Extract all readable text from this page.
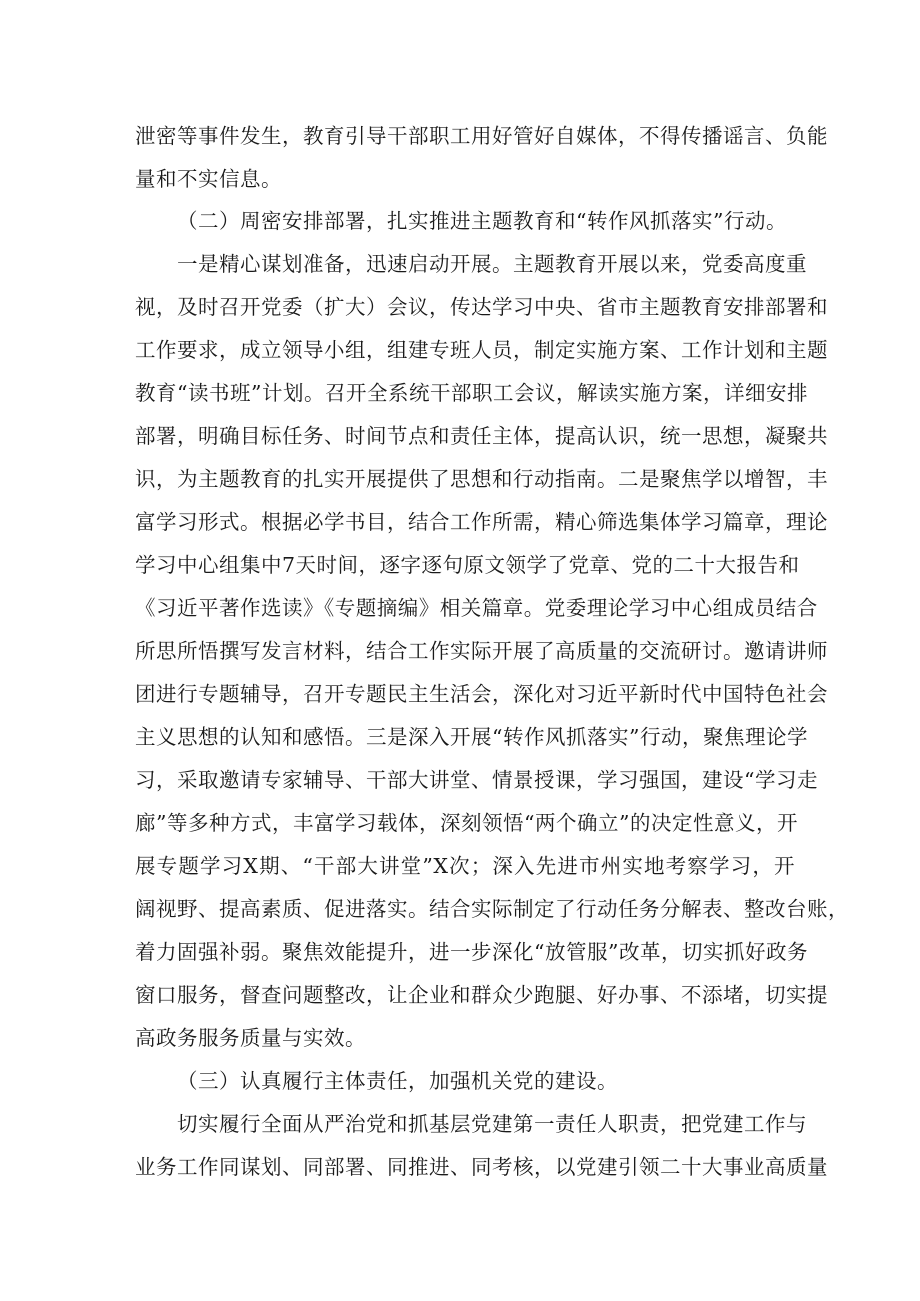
泄密等事件发生，教育引导干部职工用好管好自媒体，不得传播谣言、负能
量和不实信息。
（二）周密安排部署，扎实推进主题教育和“转作风抓落实”行动。
一是精心谋划准备，迅速启动开展。主题教育开展以来，党委高度重
视，及时召开党委（扩大）会议，传达学习中央、省市主题教育安排部署和
工作要求，成立领导小组，组建专班人员，制定实施方案、工作计划和主题
教育“读书班”计划。召开全系统干部职工会议，解读实施方案，详细安排
部署，明确目标任务、时间节点和责任主体，提高认识，统一思想，凝聚共
识，为主题教育的扎实开展提供了思想和行动指南。二是聚焦学以增智，丰
富学习形式。根据必学书目，结合工作所需，精心筛选集体学习篇章，理论
学习中心组集中7天时间，逐字逐句原文领学了党章、党的二十大报告和
《习近平著作选读》《专题摘编》相关篇章。党委理论学习中心组成员结合
所思所悟撰写发言材料，结合工作实际开展了高质量的交流研讨。邀请讲师
团进行专题辅导，召开专题民主生活会，深化对习近平新时代中国特色社会
主义思想的认知和感悟。三是深入开展“转作风抓落实”行动，聚焦理论学
习，采取邀请专家辅导、干部大讲堂、情景授课，学习强国，建设“学习走
廊”等多种方式，丰富学习载体，深刻领悟“两个确立”的决定性意义，开
展专题学习X期、“干部大讲堂”X次；深入先进市州实地考察学习，开
阔视野、提高素质、促进落实。结合实际制定了行动任务分解表、整改台账，
着力固强补弱。聚焦效能提升，进一步深化“放管服”改革，切实抓好政务
窗口服务，督查问题整改，让企业和群众少跑腿、好办事、不添堵，切实提
高政务服务质量与实效。
（三）认真履行主体责任，加强机关党的建设。
切实履行全面从严治党和抓基层党建第一责任人职责，把党建工作与
业务工作同谋划、同部署、同推进、同考核，以党建引领二十大事业高质量
